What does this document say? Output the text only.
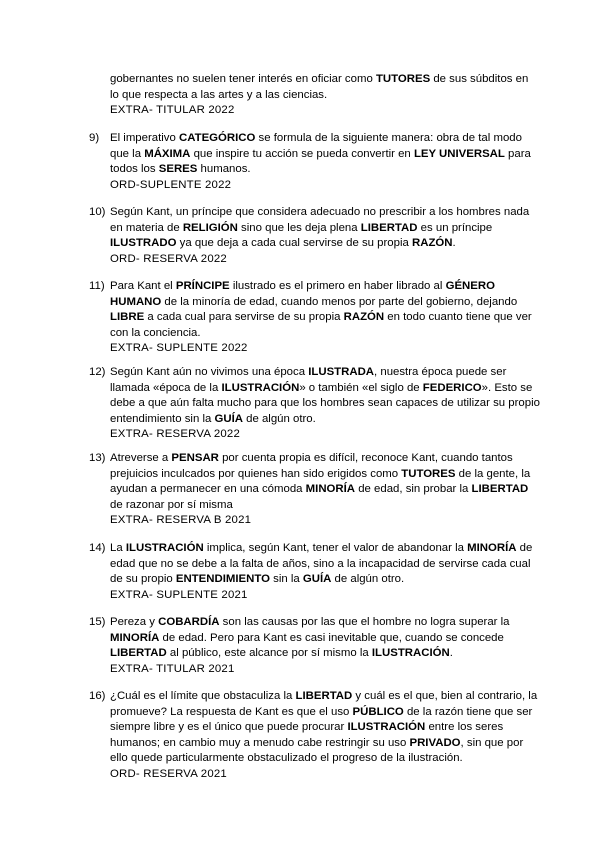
gobernantes no suelen tener interés en oficiar como TUTORES de sus súbditos en
lo que respecta a las artes y a las ciencias.
EXTRA- TITULAR 2022
9) El imperativo CATEGÓRICO se formula de la siguiente manera: obra de tal modo
que la MÁXIMA que inspire tu acción se pueda convertir en LEY UNIVERSAL para
todos los SERES humanos.
ORD-SUPLENTE 2022
10) Según Kant, un príncipe que considera adecuado no prescribir a los hombres nada
en materia de RELIGIÓN sino que les deja plena LIBERTAD es un príncipe
ILUSTRADO ya que deja a cada cual servirse de su propia RAZÓN.
ORD- RESERVA 2022
11) Para Kant el PRÍNCIPE ilustrado es el primero en haber librado al GÉNERO
HUMANO de la minoría de edad, cuando menos por parte del gobierno, dejando
LIBRE a cada cual para servirse de su propia RAZÓN en todo cuanto tiene que ver
con la conciencia.
EXTRA- SUPLENTE 2022
12) Según Kant aún no vivimos una época ILUSTRADA, nuestra época puede ser
llamada «época de la ILUSTRACIÓN» o también «el siglo de FEDERICO». Esto se
debe a que aún falta mucho para que los hombres sean capaces de utilizar su propio
entendimiento sin la GUÍA de algún otro.
EXTRA- RESERVA 2022
13) Atreverse a PENSAR por cuenta propia es difícil, reconoce Kant, cuando tantos
prejuicios inculcados por quienes han sido erigidos como TUTORES de la gente, la
ayudan a permanecer en una cómoda MINORÍA de edad, sin probar la LIBERTAD
de razonar por sí misma
EXTRA- RESERVA B 2021
14) La ILUSTRACIÓN implica, según Kant, tener el valor de abandonar la MINORÍA de
edad que no se debe a la falta de años, sino a la incapacidad de servirse cada cual
de su propio ENTENDIMIENTO sin la GUÍA de algún otro.
EXTRA- SUPLENTE 2021
15) Pereza y COBARDÍA son las causas por las que el hombre no logra superar la
MINORÍA de edad. Pero para Kant es casi inevitable que, cuando se concede
LIBERTAD al público, este alcance por sí mismo la ILUSTRACIÓN.
EXTRA- TITULAR 2021
16) ¿Cuál es el límite que obstaculiza la LIBERTAD y cuál es el que, bien al contrario, la
promueve? La respuesta de Kant es que el uso PÚBLICO de la razón tiene que ser
siempre libre y es el único que puede procurar ILUSTRACIÓN entre los seres
humanos; en cambio muy a menudo cabe restringir su uso PRIVADO, sin que por
ello quede particularmente obstaculizado el progreso de la ilustración.
ORD- RESERVA 2021
